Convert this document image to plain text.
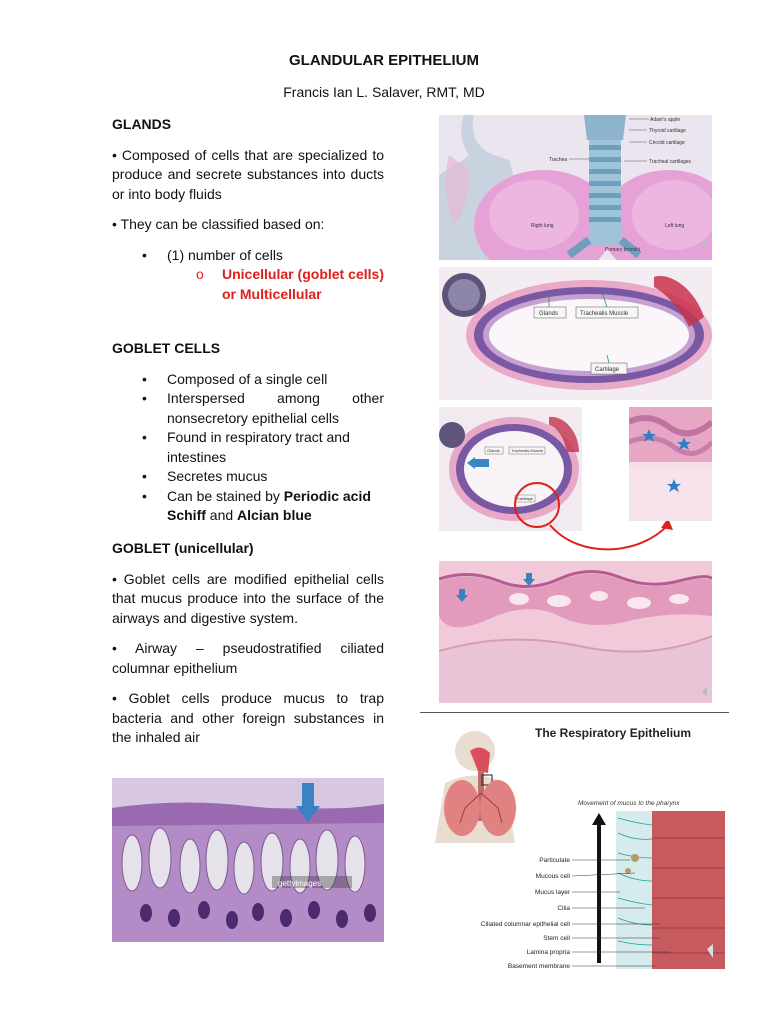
GLANDULAR EPITHELIUM
Francis Ian L. Salaver, RMT, MD
GLANDS
• Composed of cells that are specialized to produce and secrete substances into ducts or into body fluids
• They can be classified based on:
•	(1) number of cells
o	Unicellular (goblet cells) or Multicellular
GOBLET CELLS
•	Composed of a single cell
•	Interspersed among other nonsecretory epithelial cells
•	Found in respiratory tract and intestines
•	Secretes mucus
•	Can be stained by Periodic acid Schiff and Alcian blue
GOBLET (unicellular)
• Goblet cells are modified epithelial cells that mucus produce into the surface of the airways and digestive system.
• Airway – pseudostratified ciliated columnar epithelium
• Goblet cells produce mucus to trap bacteria and other foreign substances in the inhaled air
Adam's apple
Thyroid cartilage
Cricoid cartilage
Trachea	Tracheal cartilages
Right lung	Left lung
Primary bronchi
Glands	Trachealis Muscle
Cartilage
Glands	Trachealis Muscle
Cartilage
The Respiratory Epithelium
Movement of mucus to the pharynx
Particulate
Mucous cell
Mucus layer
Cilia
Ciliated columnar epithelial cell
Stem cell
Lamina propria
Basement membrane
gettyimages
